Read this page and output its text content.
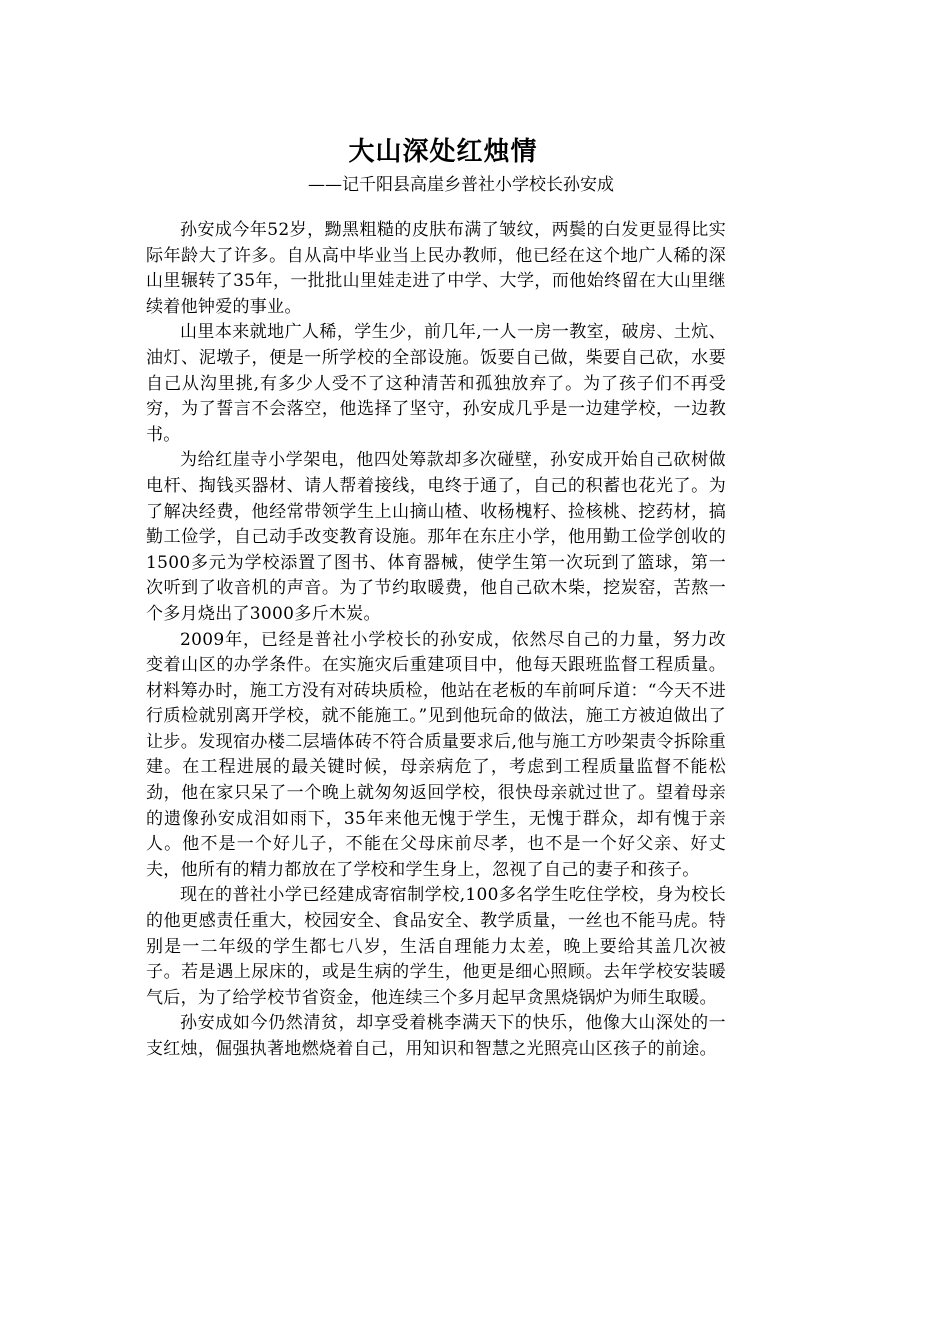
大山深处红烛情

——记千阳县高崖乡普社小学校长孙安成

孙安成今年52岁，黝黑粗糙的皮肤布满了皱纹，两鬓的白发更显得比实际年龄大了许多。自从高中毕业当上民办教师，他已经在这个地广人稀的深山里辗转了35年，一批批山里娃走进了中学、大学，而他始终留在大山里继续着他钟爱的事业。

山里本来就地广人稀，学生少，前几年,一人一房一教室，破房、土炕、油灯、泥墩子，便是一所学校的全部设施。饭要自己做，柴要自己砍，水要自己从沟里挑,有多少人受不了这种清苦和孤独放弃了。为了孩子们不再受穷，为了誓言不会落空，他选择了坚守，孙安成几乎是一边建学校，一边教书。

为给红崖寺小学架电，他四处筹款却多次碰壁，孙安成开始自己砍树做电杆、掏钱买器材、请人帮着接线，电终于通了，自己的积蓄也花光了。为了解决经费，他经常带领学生上山摘山楂、收杨槐籽、捡核桃、挖药材，搞勤工俭学，自己动手改变教育设施。那年在东庄小学，他用勤工俭学创收的1500多元为学校添置了图书、体育器械，使学生第一次玩到了篮球，第一次听到了收音机的声音。为了节约取暖费，他自己砍木柴，挖炭窑，苦熬一个多月烧出了3000多斤木炭。

2009年，已经是普社小学校长的孙安成，依然尽自己的力量，努力改变着山区的办学条件。在实施灾后重建项目中，他每天跟班监督工程质量。材料筹办时，施工方没有对砖块质检，他站在老板的车前呵斥道：“今天不进行质检就别离开学校，就不能施工。”见到他玩命的做法，施工方被迫做出了让步。发现宿办楼二层墙体砖不符合质量要求后,他与施工方吵架责令拆除重建。在工程进展的最关键时候，母亲病危了，考虑到工程质量监督不能松劲，他在家只呆了一个晚上就匆匆返回学校，很快母亲就过世了。望着母亲的遗像孙安成泪如雨下，35年来他无愧于学生，无愧于群众，却有愧于亲人。他不是一个好儿子，不能在父母床前尽孝，也不是一个好父亲、好丈夫，他所有的精力都放在了学校和学生身上，忽视了自己的妻子和孩子。

现在的普社小学已经建成寄宿制学校,100多名学生吃住学校，身为校长的他更感责任重大，校园安全、食品安全、教学质量，一丝也不能马虎。特别是一二年级的学生都七八岁，生活自理能力太差，晚上要给其盖几次被子。若是遇上尿床的，或是生病的学生，他更是细心照顾。去年学校安装暖气后，为了给学校节省资金，他连续三个多月起早贪黑烧锅炉为师生取暖。

孙安成如今仍然清贫，却享受着桃李满天下的快乐，他像大山深处的一支红烛，倔强执著地燃烧着自己，用知识和智慧之光照亮山区孩子的前途。
